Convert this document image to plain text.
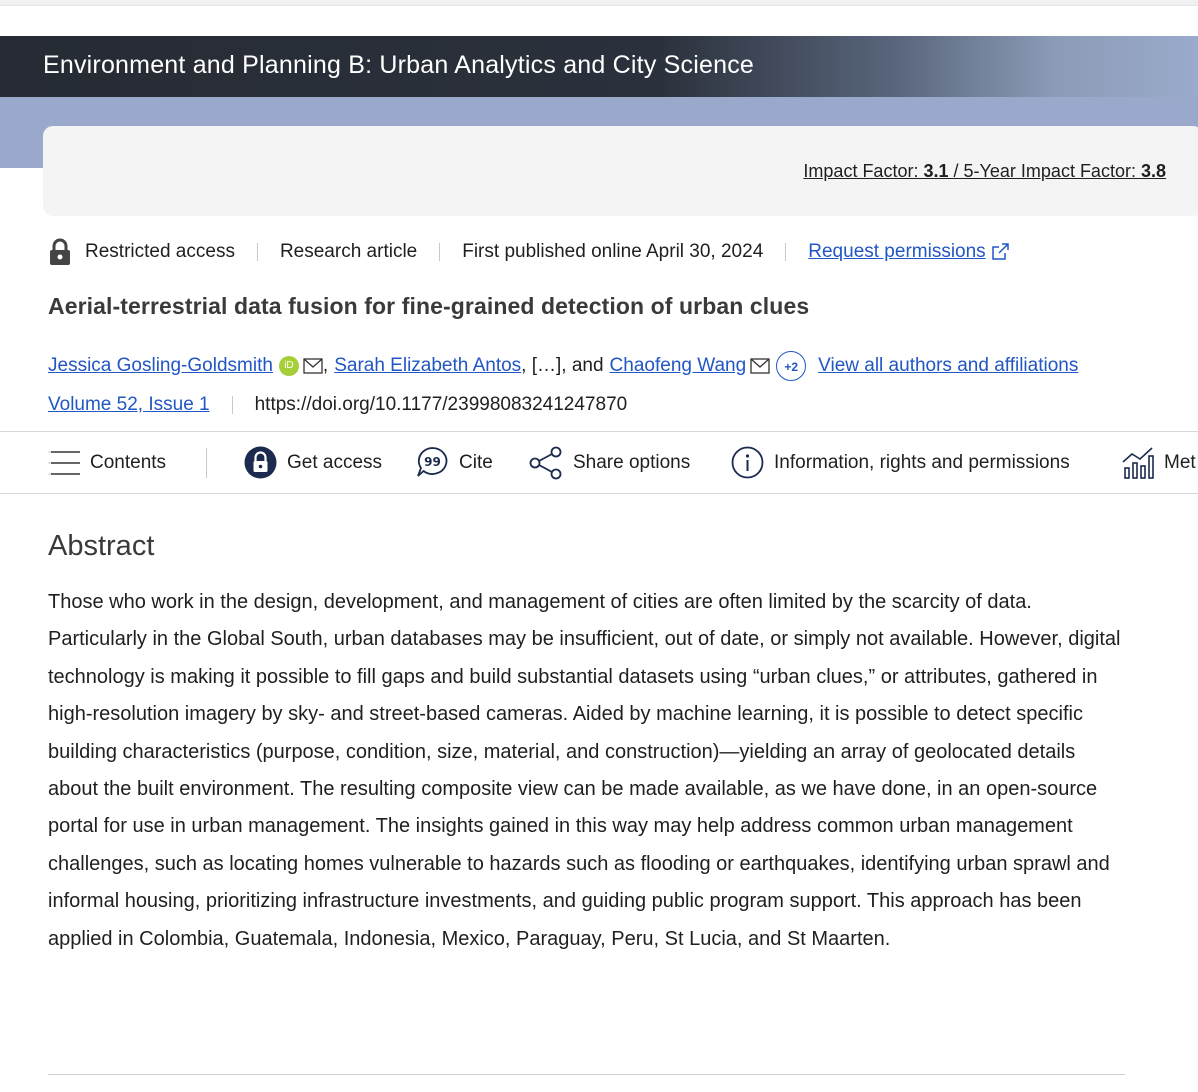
Environment and Planning B: Urban Analytics and City Science
Impact Factor: 3.1 / 5-Year Impact Factor: 3.8
Restricted access Research article First published online April 30, 2024 Request permissions
Aerial-terrestrial data fusion for fine-grained detection of urban clues
Jessica Gosling-Goldsmith	iD , Sarah Elizabeth Antos , […], and Chaofeng Wang	+2	View all authors and affiliations
Volume 52, Issue 1 https://doi.org/10.1177/23998083241247870
Contents	Get access	99 Cite	Share options	Information, rights and permissions	Met
Abstract

Those who work in the design, development, and management of cities are often limited by the scarcity of data. Particularly in the Global South, urban databases may be insufficient, out of date, or simply not available. However, digital technology is making it possible to fill gaps and build substantial datasets using “urban clues,” or attributes, gathered in high-resolution imagery by sky- and street-based cameras. Aided by machine learning, it is possible to detect specific building characteristics (purpose, condition, size, material, and construction)—yielding an array of geolocated details about the built environment. The resulting composite view can be made available, as we have done, in an open-source portal for use in urban management. The insights gained in this way may help address common urban management challenges, such as locating homes vulnerable to hazards such as flooding or earthquakes, identifying urban sprawl and informal housing, prioritizing infrastructure investments, and guiding public program support. This approach has been applied in Colombia, Guatemala, Indonesia, Mexico, Paraguay, Peru, St Lucia, and St Maarten.
